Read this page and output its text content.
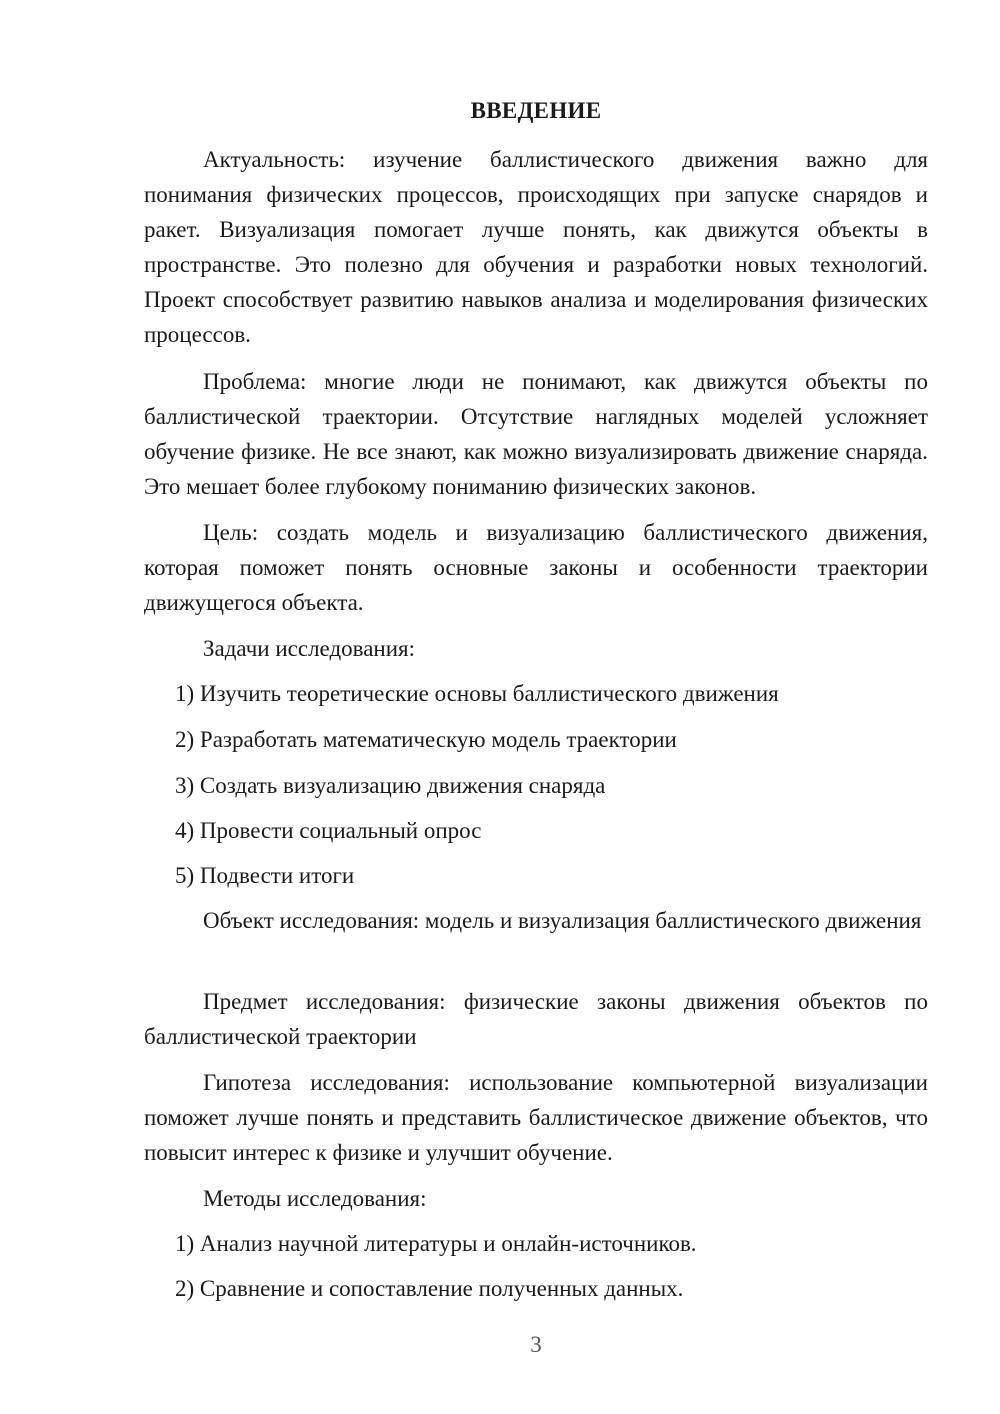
ВВЕДЕНИЕ

Актуальность: изучение баллистического движения важно для понимания физических процессов, происходящих при запуске снарядов и ракет. Визуализация помогает лучше понять, как движутся объекты в пространстве. Это полезно для обучения и разработки новых технологий. Проект способствует развитию навыков анализа и моделирования физических процессов.

Проблема: многие люди не понимают, как движутся объекты по баллистической траектории. Отсутствие наглядных моделей усложняет обучение физике. Не все знают, как можно визуализировать движение снаряда. Это мешает более глубокому пониманию физических законов.

Цель: создать модель и визуализацию баллистического движения, которая поможет понять основные законы и особенности траектории движущегося объекта.

Задачи исследования:

1) Изучить теоретические основы баллистического движения

2) Разработать математическую модель траектории

3) Создать визуализацию движения снаряда

4) Провести социальный опрос

5) Подвести итоги

Объект исследования: модель и визуализация баллистического движения

Предмет исследования: физические законы движения объектов по баллистической траектории

Гипотеза исследования: использование компьютерной визуализации поможет лучше понять и представить баллистическое движение объектов, что повысит интерес к физике и улучшит обучение.

Методы исследования:

1) Анализ научной литературы и онлайн-источников.

2) Сравнение и сопоставление полученных данных.

3
